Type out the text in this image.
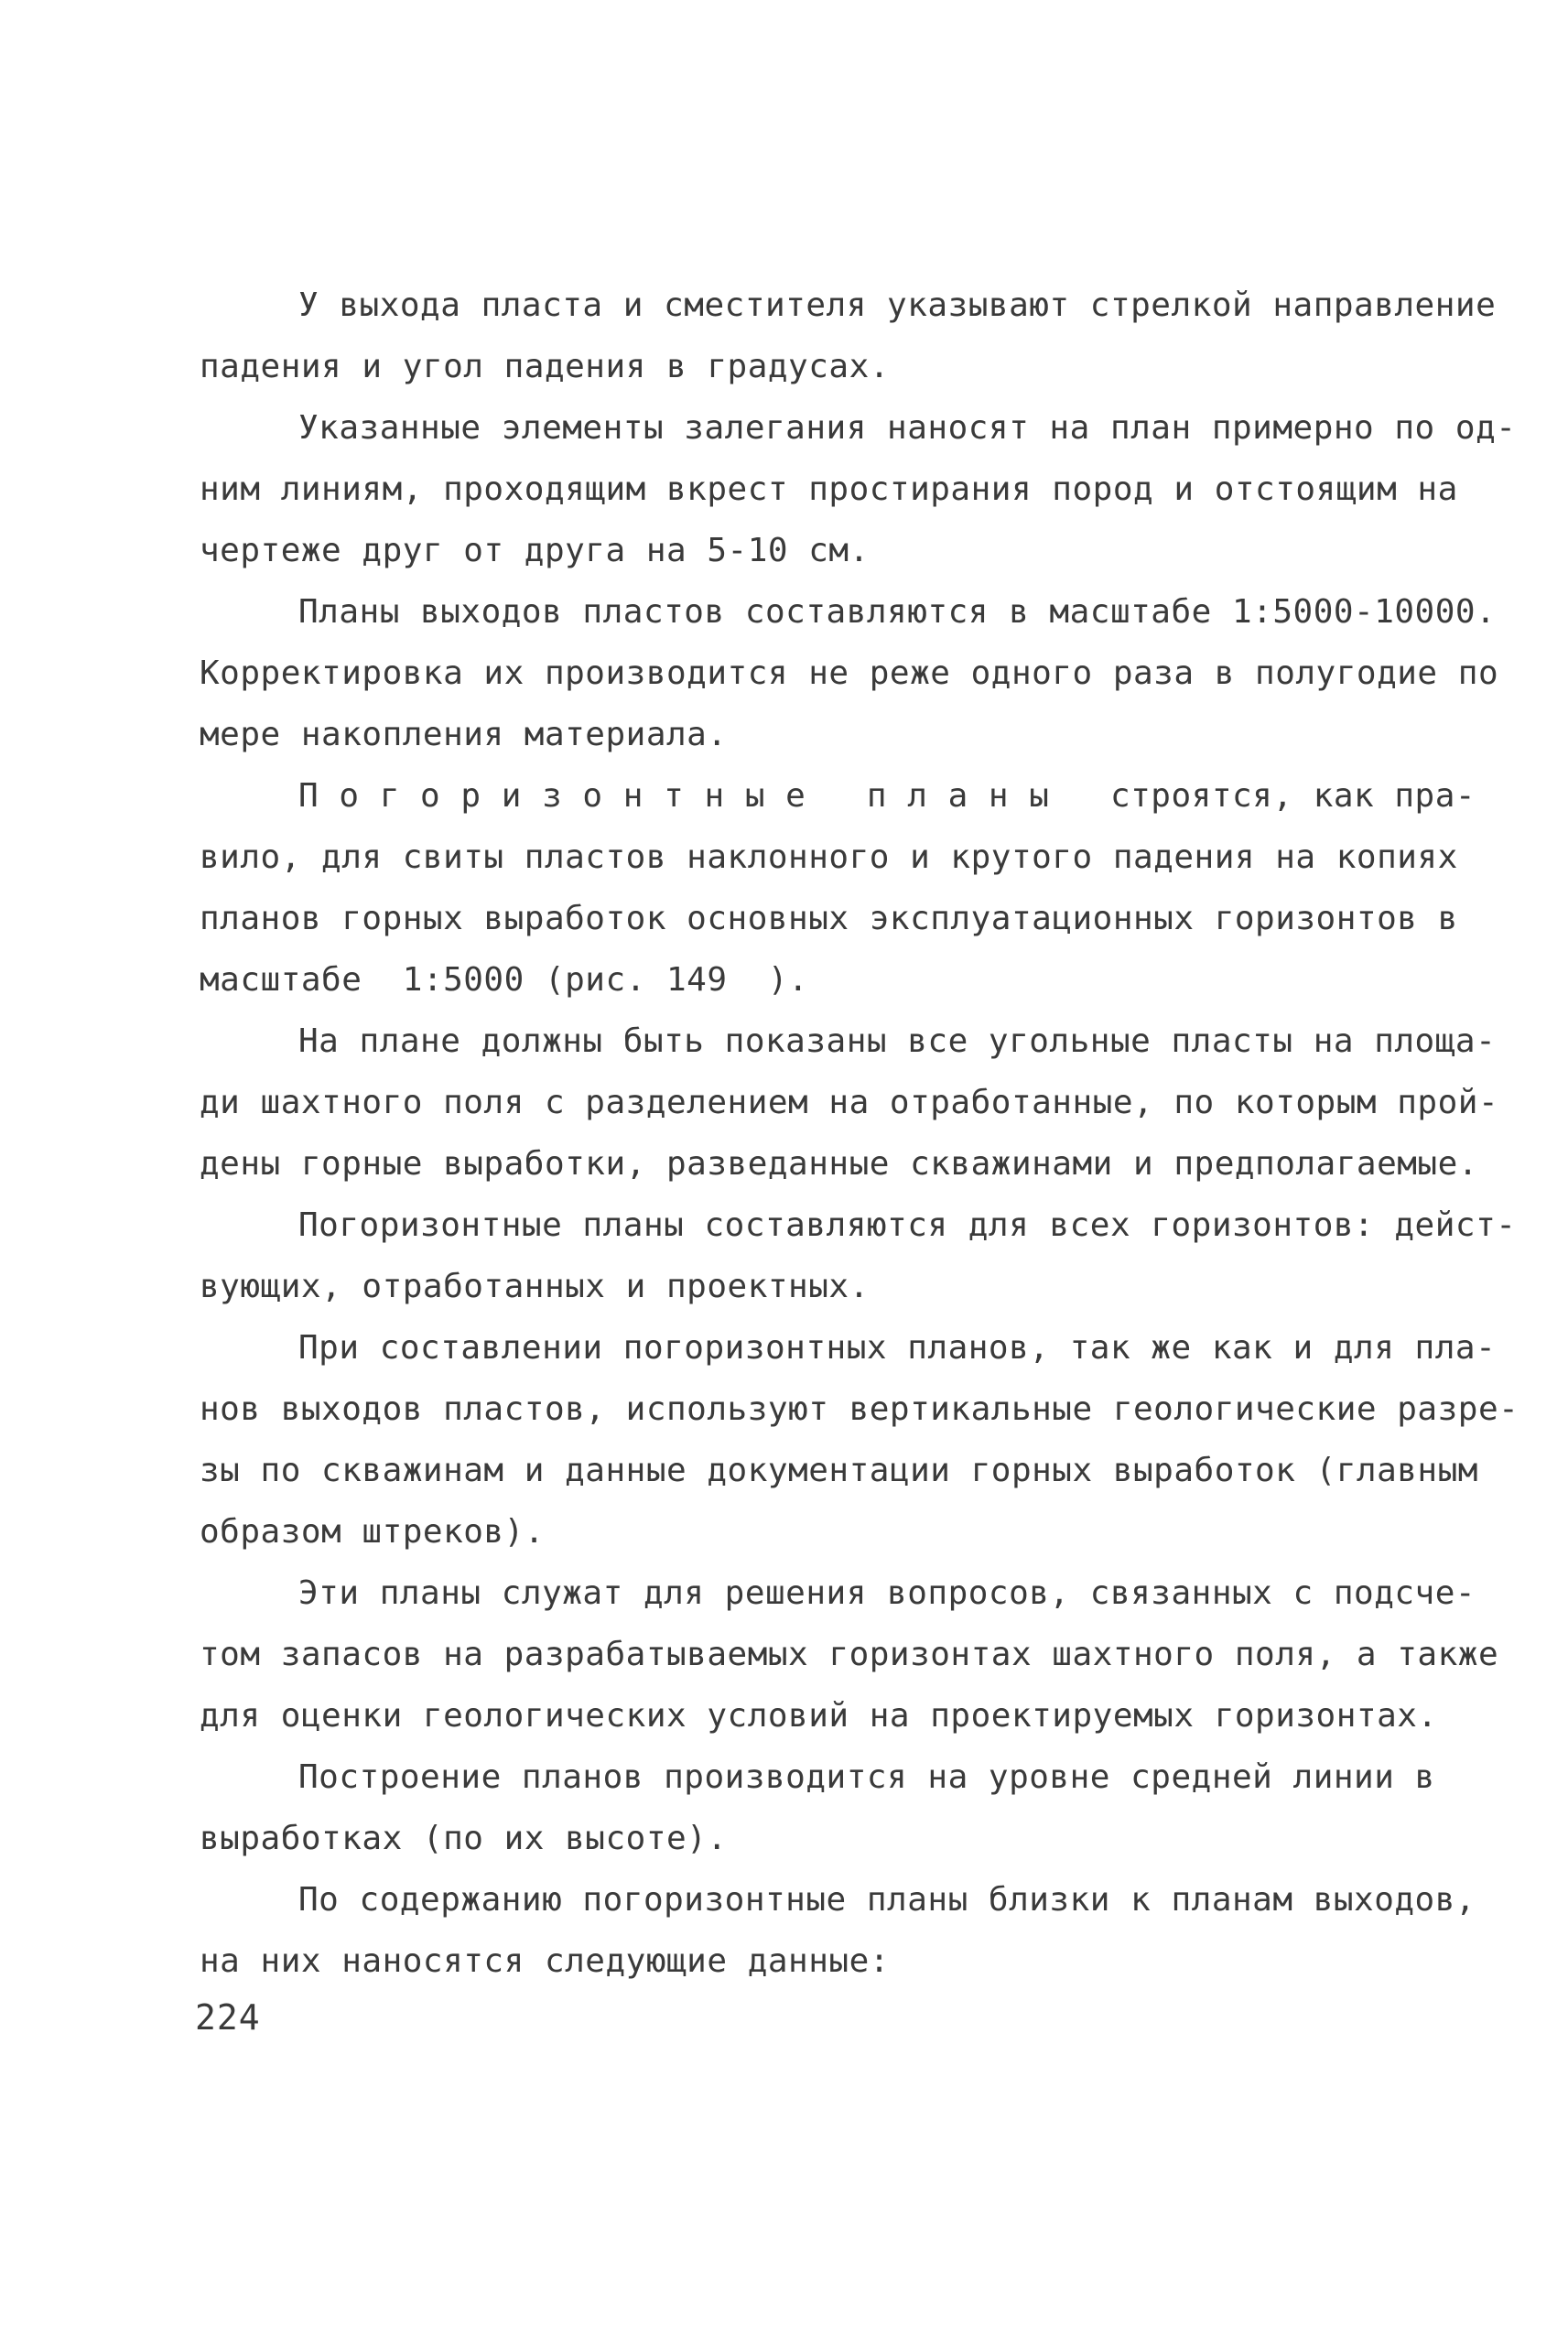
У выхода пласта и сместителя указывают стрелкой направление
падения и угол падения в градусах.
Указанные элементы залегания наносят на план примерно по од-
ним линиям, проходящим вкрест простирания пород и отстоящим на
чертеже друг от друга на 5-10 см.
Планы выходов пластов составляются в масштабе 1:5000-10000.
Корректировка их производится не реже одного раза в полугодие по
мере накопления материала.
П о г о р и з о н т н ы е   п л а н ы   строятся, как пра-
вило, для свиты пластов наклонного и крутого падения на копиях
планов горных выработок основных эксплуатационных горизонтов в
масштабе  1:5000 (рис. 149  ).
На плане должны быть показаны все угольные пласты на площа-
ди шахтного поля с разделением на отработанные, по которым прой-
дены горные выработки, разведанные скважинами и предполагаемые.
Погоризонтные планы составляются для всех горизонтов: дейст-
вующих, отработанных и проектных.
При составлении погоризонтных планов, так же как и для пла-
нов выходов пластов, используют вертикальные геологические разре-
зы по скважинам и данные документации горных выработок (главным
образом штреков).
Эти планы служат для решения вопросов, связанных с подсче-
том запасов на разрабатываемых горизонтах шахтного поля, а также
для оценки геологических условий на проектируемых горизонтах.
Построение планов производится на уровне средней линии в
выработках (по их высоте).
По содержанию погоризонтные планы близки к планам выходов,
на них наносятся следующие данные:
224
